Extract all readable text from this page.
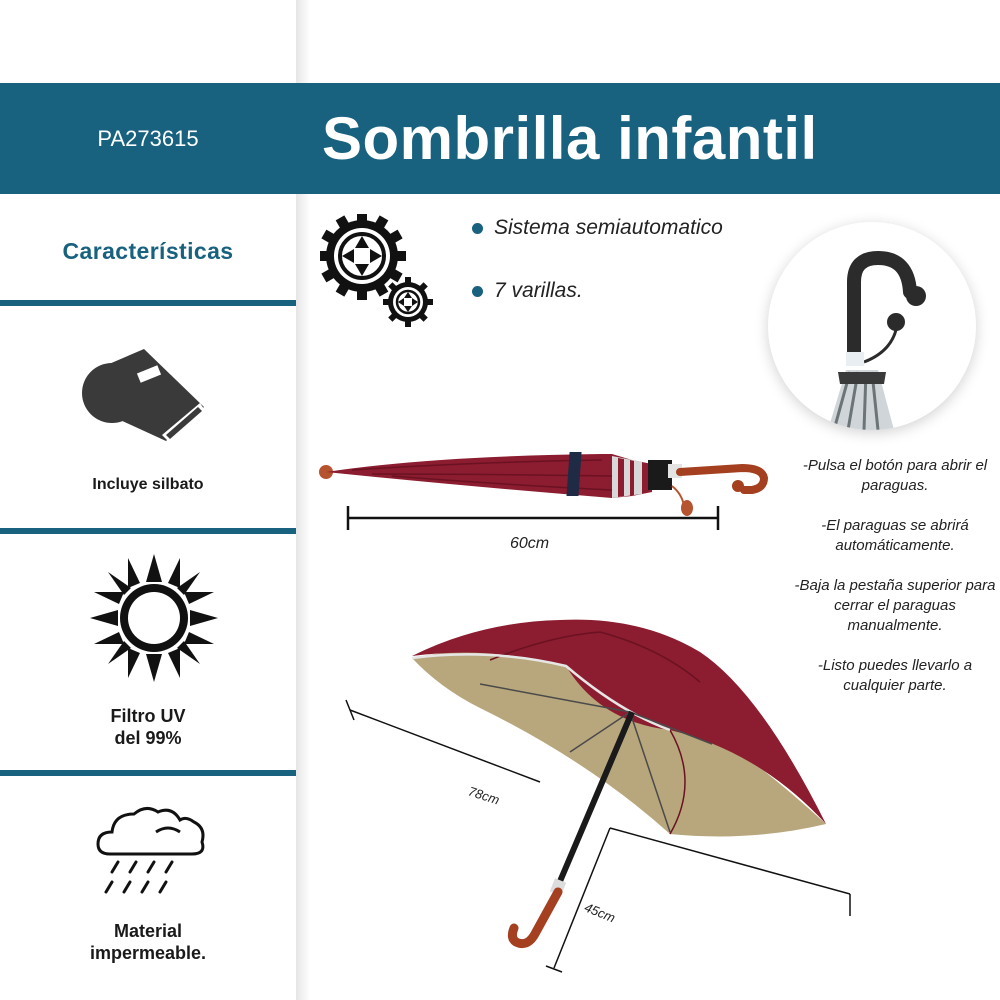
PA273615	Sombrilla infantil
Características
Incluye silbato
Filtro UV
del 99%
Material
impermeable.
Sistema semiautomatico
7 varillas.
60cm
78cm
45cm

-Pulsa el botón para abrir el paraguas.

-El paraguas se abrirá automáticamente.

-Baja la pestaña superior para cerrar el paraguas manualmente.

-Listo puedes llevarlo a cualquier parte.
